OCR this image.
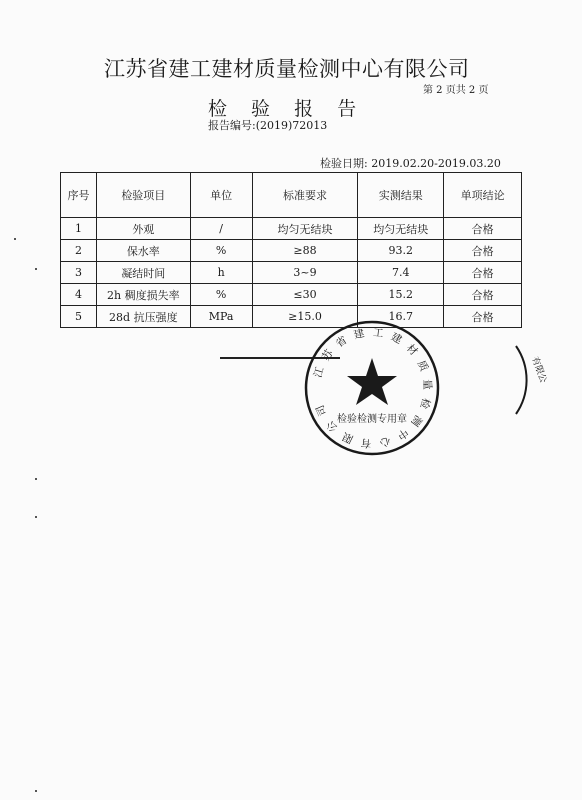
江苏省建工建材质量检测中心有限公司
第 2 页共 2 页
检 验 报 告
报告编号:(2019)72013
检验日期: 2019.02.20-2019.03.20
序号	检验项目	单位	标准要求	实测结果	单项结论
1	外观	/	均匀无结块	均匀无结块	合格
2	保水率	%	≥88	93.2	合格
3	凝结时间	h	3~9	7.4	合格
4	2h 稠度损失率	%	≤30	15.2	合格
5	28d 抗压强度	MPa	≥15.0	16.7	合格
江苏省建工建材质量检测中心有限公司
检验检测专用章
有限公
